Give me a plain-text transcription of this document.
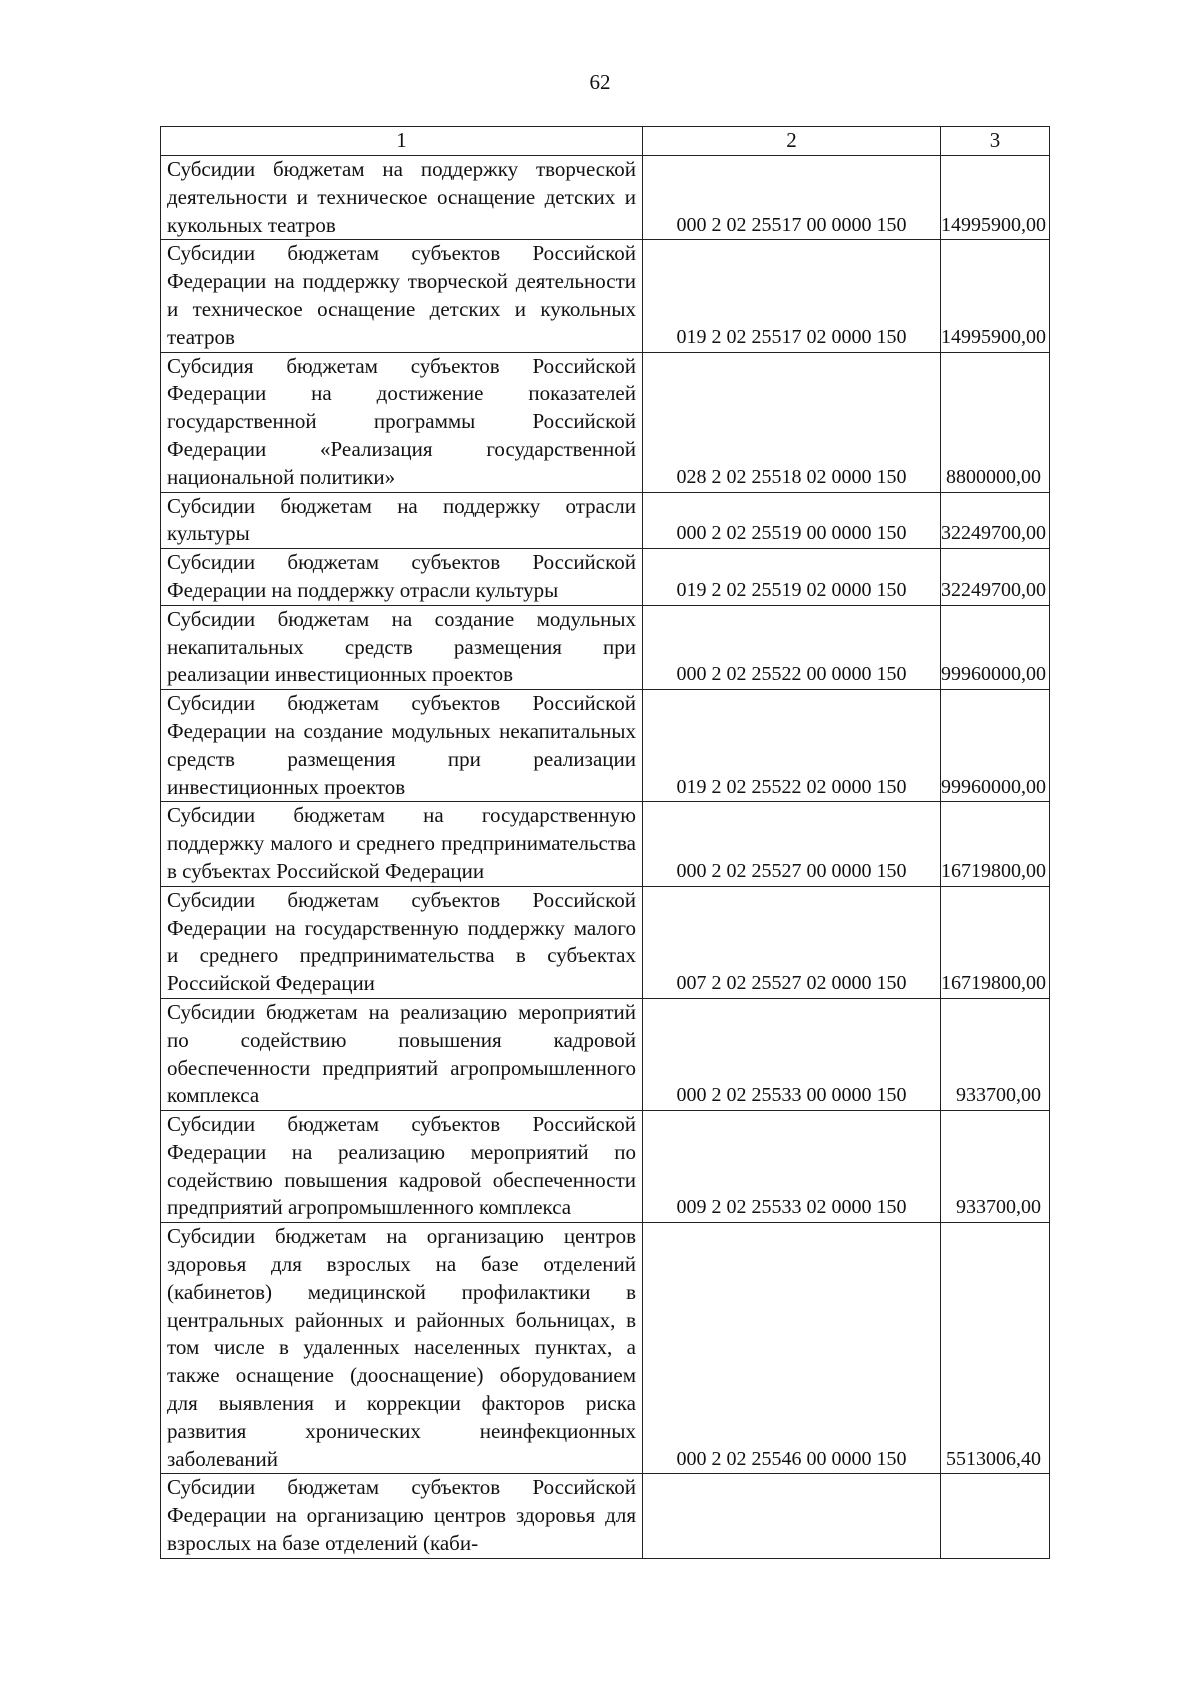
62
1	2	3
Субсидии бюджетам на поддержку творческой деятельности и техническое оснащение детских и кукольных театров	000 2 02 25517 00 0000 150	14995900,00
Субсидии бюджетам субъектов Российской Федерации на поддержку творческой деятельности и техническое оснащение детских и кукольных театров	019 2 02 25517 02 0000 150	14995900,00
Субсидия бюджетам субъектов Российской Федерации на достижение показателей государственной программы Российской Федерации «Реализация государственной национальной политики»	028 2 02 25518 02 0000 150	8800000,00
Субсидии бюджетам на поддержку отрасли культуры	000 2 02 25519 00 0000 150	32249700,00
Субсидии бюджетам субъектов Российской Федерации на поддержку отрасли культуры	019 2 02 25519 02 0000 150	32249700,00
Субсидии бюджетам на создание модульных некапитальных средств размещения при реализации инвестиционных проектов	000 2 02 25522 00 0000 150	99960000,00
Субсидии бюджетам субъектов Российской Федерации на создание модульных некапитальных средств размещения при реализации инвестиционных проектов	019 2 02 25522 02 0000 150	99960000,00
Субсидии бюджетам на государственную поддержку малого и среднего предпринимательства в субъектах Российской Федерации	000 2 02 25527 00 0000 150	16719800,00
Субсидии бюджетам субъектов Российской Федерации на государственную поддержку малого и среднего предпринимательства в субъектах Российской Федерации	007 2 02 25527 02 0000 150	16719800,00
Субсидии бюджетам на реализацию мероприятий по содействию повышения кадровой обеспеченности предприятий агропромышленного комплекса	000 2 02 25533 00 0000 150	933700,00
Субсидии бюджетам субъектов Российской Федерации на реализацию мероприятий по содействию повышения кадровой обеспеченности предприятий агропромышленного комплекса	009 2 02 25533 02 0000 150	933700,00
Субсидии бюджетам на организацию центров здоровья для взрослых на базе отделений (кабинетов) медицинской профилактики в центральных районных и районных больницах, в том числе в удаленных населенных пунктах, а также оснащение (дооснащение) оборудованием для выявления и коррекции факторов риска развития хронических неинфекционных заболеваний	000 2 02 25546 00 0000 150	5513006,40
Субсидии бюджетам субъектов Российской Федерации на организацию центров здоровья для взрослых на базе отделений (каби-		
